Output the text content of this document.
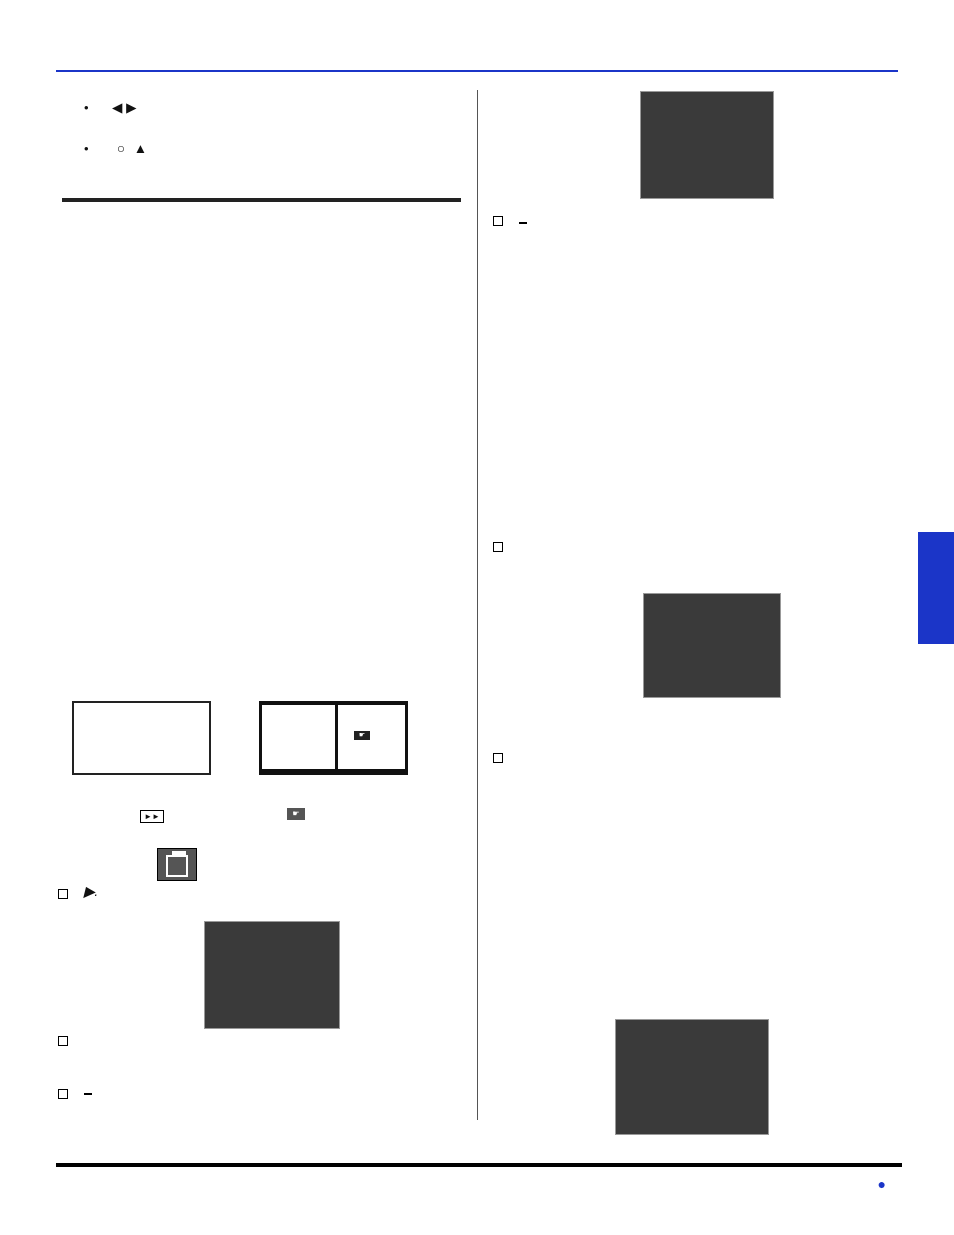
• ◀ ▶
•	○ ▲
☛
►►	☛
▶.
●
